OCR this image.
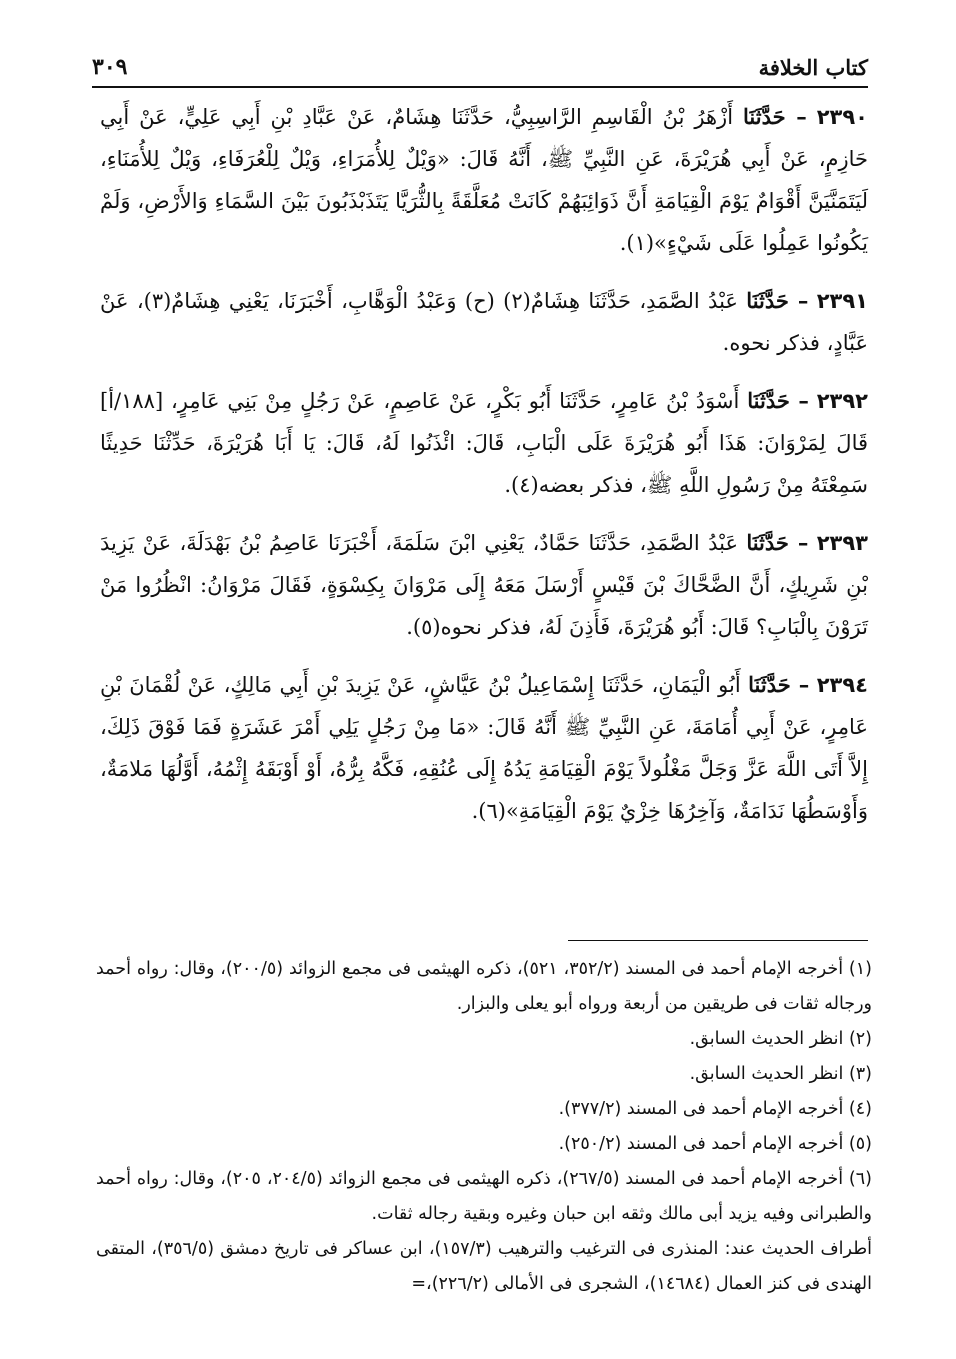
٣٠٩	كتاب الخلافة

٢٣٩٠ – حَدَّثَنَا أَزْهَرُ بْنُ الْقَاسِمِ الرَّاسِبِيُّ، حَدَّثَنَا هِشَامٌ، عَنْ عَبَّادِ بْنِ أَبِي عَلِيٍّ، عَنْ أَبِي حَازِمٍ، عَنْ أَبِي هُرَيْرَةَ، عَنِ النَّبِيِّ ﷺ، أَنَّهُ قَالَ: «وَيْلٌ لِلأُمَرَاءِ، وَيْلٌ لِلْعُرَفَاءِ، وَيْلٌ لِلأُمَنَاءِ، لَيَتَمَنَّيَنَّ أَقْوَامٌ يَوْمَ الْقِيَامَةِ أَنَّ ذَوَائِبَهُمْ كَانَتْ مُعَلَّقَةً بِالثُّرَيَّا يَتَذَبْذَبُونَ بَيْنَ السَّمَاءِ وَالأَرْضِ، وَلَمْ يَكُونُوا عَمِلُوا عَلَى شَيْءٍ»(١).

٢٣٩١ – حَدَّثَنَا عَبْدُ الصَّمَدِ، حَدَّثَنَا هِشَامٌ(٢) (ح) وَعَبْدُ الْوَهَّابِ، أَخْبَرَنَا، يَعْنِي هِشَامٌ(٣)، عَنْ عَبَّادٍ، فذكر نحوه.

٢٣٩٢ – حَدَّثَنَا أَسْوَدُ بْنُ عَامِرٍ، حَدَّثَنَا أَبُو بَكْرٍ، عَنْ عَاصِمٍ، عَنْ رَجُلٍ مِنْ بَنِي عَامِرٍ، [١٨٨/أ] قَالَ لِمَرْوَانَ: هَذَا أَبُو هُرَيْرَةَ عَلَى الْبَابِ، قَالَ: ائْذَنُوا لَهُ، قَالَ: يَا أَبَا هُرَيْرَةَ، حَدِّثْنَا حَدِيثًا سَمِعْتَهُ مِنْ رَسُولِ اللَّهِ ﷺ، فذكر بعضه(٤).

٢٣٩٣ – حَدَّثَنَا عَبْدُ الصَّمَدِ، حَدَّثَنَا حَمَّادٌ، يَعْنِي ابْنَ سَلَمَةَ، أَخْبَرَنَا عَاصِمُ بْنُ بَهْدَلَةَ، عَنْ يَزِيدَ بْنِ شَرِيكٍ، أَنَّ الضَّحَّاكَ بْنَ قَيْسٍ أَرْسَلَ مَعَهُ إِلَى مَرْوَانَ بِكِسْوَةٍ، فَقَالَ مَرْوَانُ: انْظُرُوا مَنْ تَرَوْنَ بِالْبَابِ؟ قَالَ: أَبُو هُرَيْرَةَ، فَأَذِنَ لَهُ، فذكر نحوه(٥).

٢٣٩٤ – حَدَّثَنَا أَبُو الْيَمَانِ، حَدَّثَنَا إِسْمَاعِيلُ بْنُ عَيَّاشٍ، عَنْ يَزِيدَ بْنِ أَبِي مَالِكٍ، عَنْ لُقْمَانَ بْنِ عَامِرٍ، عَنْ أَبِي أُمَامَةَ، عَنِ النَّبِيِّ ﷺ أَنَّهُ قَالَ: «مَا مِنْ رَجُلٍ يَلِي أَمْرَ عَشَرَةٍ فَمَا فَوْقَ ذَلِكَ، إِلاَّ أَتَى اللَّهَ عَزَّ وَجَلَّ مَغْلُولاً يَوْمَ الْقِيَامَةِ يَدُهُ إِلَى عُنُقِهِ، فَكَّهُ بِرُّهُ، أَوْ أَوْبَقَهُ إِثْمُهُ، أَوَّلُهَا مَلامَةٌ، وَأَوْسَطُهَا نَدَامَةٌ، وَآخِرُهَا خِزْيٌ يَوْمَ الْقِيَامَةِ»(٦).

(١) أخرجه الإمام أحمد فى المسند (٣٥٢/٢، ٥٢١)، ذكره الهيثمى فى مجمع الزوائد (٢٠٠/٥)، وقال: رواه أحمد ورجاله ثقات فى طريقين من أربعة ورواه أبو يعلى والبزار.

(٢) انظر الحديث السابق.

(٣) انظر الحديث السابق.

(٤) أخرجه الإمام أحمد فى المسند (٣٧٧/٢).

(٥) أخرجه الإمام أحمد فى المسند (٢٥٠/٢).

(٦) أخرجه الإمام أحمد فى المسند (٢٦٧/٥)، ذكره الهيثمى فى مجمع الزوائد (٢٠٤/٥، ٢٠٥)، وقال: رواه أحمد والطبرانى وفيه يزيد أبى مالك وثقه ابن حبان وغيره وبقية رجاله ثقات.

أطراف الحديث عند: المنذرى فى الترغيب والترهيب (١٥٧/٣)، ابن عساكر فى تاريخ دمشق (٣٥٦/٥)، المتقى الهندى فى كنز العمال (١٤٦٨٤)، الشجرى فى الأمالى (٢٢٦/٢)،=
